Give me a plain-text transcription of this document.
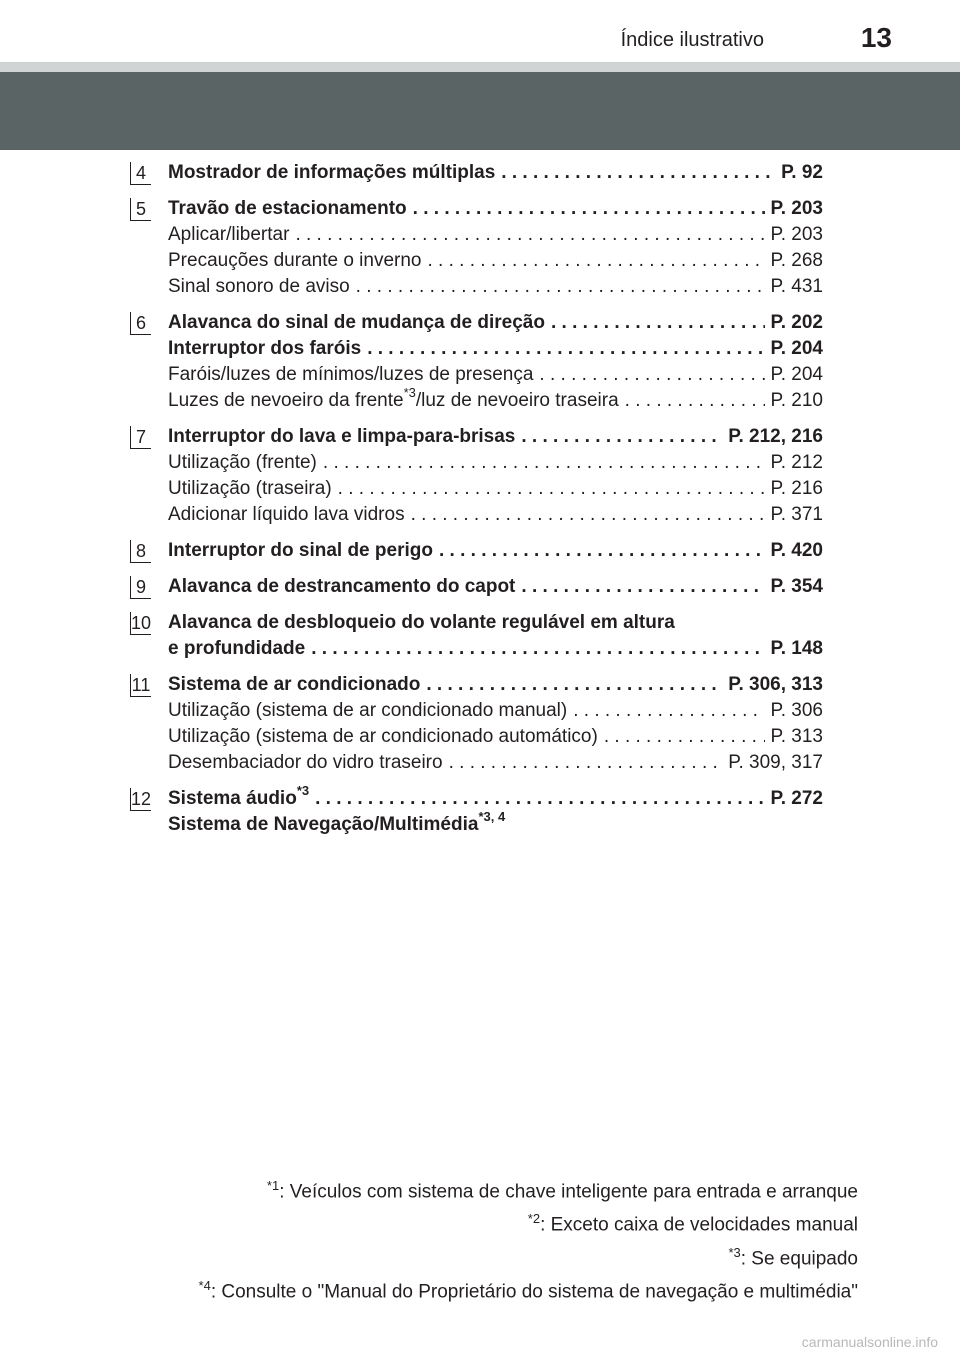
Índice ilustrativo	13
4 Mostrador de informações múltiplas . . .	P. 92
5 Travão de estacionamento . . .	P. 203
Aplicar/libertar . . .	P. 203
Precauções durante o inverno . . .	P. 268
Sinal sonoro de aviso . . .	P. 431
6 Alavanca do sinal de mudança de direção . . .	P. 202
Interruptor dos faróis . . .	P. 204
Faróis/luzes de mínimos/luzes de presença . . .	P. 204
Luzes de nevoeiro da frente$^{*3}$/luz de nevoeiro traseira . . .	P. 210
7 Interruptor do lava e limpa-para-brisas . . .	P. 212, 216
Utilização (frente) . . .	P. 212
Utilização (traseira) . . .	P. 216
Adicionar líquido lava vidros . . .	P. 371
8 Interruptor do sinal de perigo . . .	P. 420
9 Alavanca de destrancamento do capot . . .	P. 354
10 Alavanca de desbloqueio do volante regulável em altura
e profundidade . . .	P. 148
11 Sistema de ar condicionado . . .	P. 306, 313
Utilização (sistema de ar condicionado manual) . . .	P. 306
Utilização (sistema de ar condicionado automático) . . .	P. 313
Desembaciador do vidro traseiro . . .	P. 309, 317
12 Sistema áudio$^{*3}$ . . .	P. 272
Sistema de Navegação/Multimédia$^{*3, 4}$
$^{*1}$: Veículos com sistema de chave inteligente para entrada e arranque
$^{*2}$: Exceto caixa de velocidades manual
$^{*3}$: Se equipado
$^{*4}$: Consulte o "Manual do Proprietário do sistema de navegação e multimédia"
carmanualsonline.info
